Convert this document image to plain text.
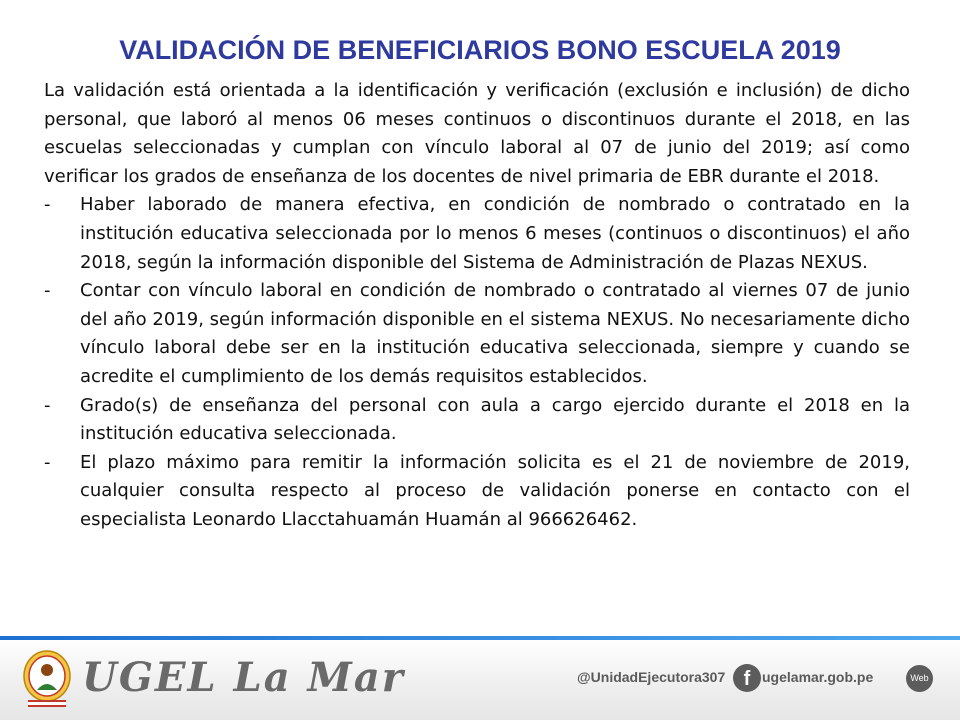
VALIDACIÓN DE BENEFICIARIOS BONO ESCUELA 2019

La validación está orientada a la identificación y verificación (exclusión e inclusión) de dicho personal, que laboró al menos 06 meses continuos o discontinuos durante el 2018, en las escuelas seleccionadas y cumplan con vínculo laboral al 07 de junio del 2019; así como verificar los grados de enseñanza de los docentes de nivel primaria de EBR durante el 2018.

-	Haber laborado de manera efectiva, en condición de nombrado o contratado en la institución educativa seleccionada por lo menos 6 meses (continuos o discontinuos) el año 2018, según la información disponible del Sistema de Administración de Plazas NEXUS.
-	Contar con vínculo laboral en condición de nombrado o contratado al viernes 07 de junio del año 2019, según información disponible en el sistema NEXUS. No necesariamente dicho vínculo laboral debe ser en la institución educativa seleccionada, siempre y cuando se acredite el cumplimiento de los demás requisitos establecidos.
-	Grado(s) de enseñanza del personal con aula a cargo ejercido durante el 2018 en la institución educativa seleccionada.
-	El plazo máximo para remitir la información solicita es el 21 de noviembre de 2019, cualquier consulta respecto al proceso de validación ponerse en contacto con el especialista Leonardo Llacctahuamán Huamán al 966626462.
UGEL La Mar	@UnidadEjecutora307 f ugelamar.gob.pe	Web
